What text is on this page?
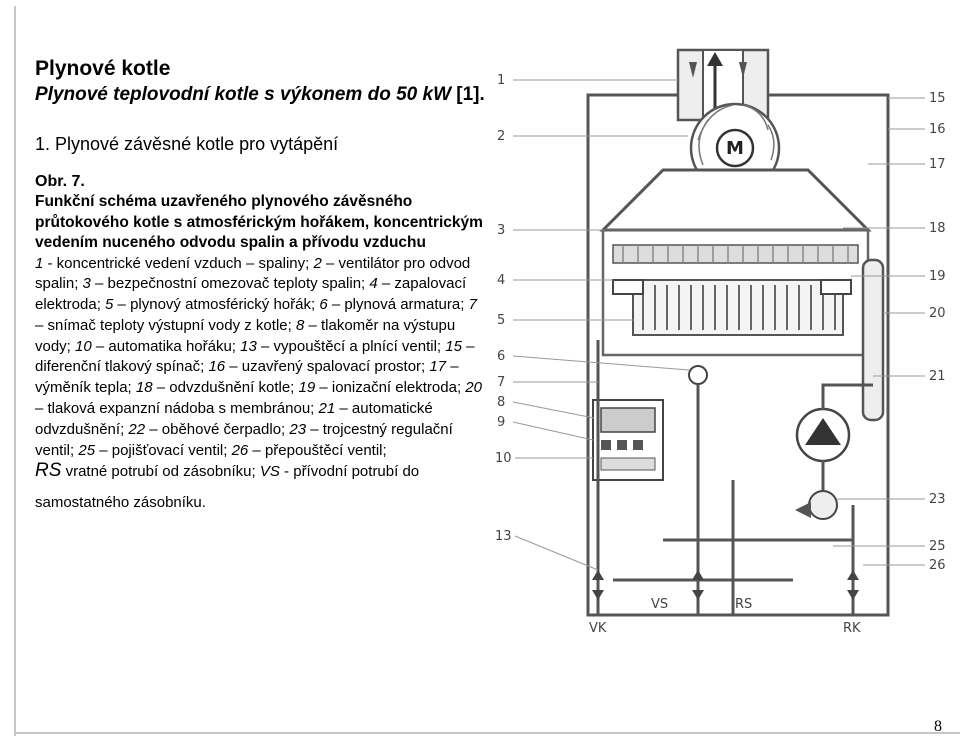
Plynové kotle
Plynové teplovodní kotle s výkonem do 50 kW [1].
1. Plynové závěsné kotle pro vytápění
Obr. 7.
Funkční schéma uzavřeného plynového závěsného průtokového kotle s atmosférickým hořákem, koncentrickým vedením nuceného odvodu spalin a přívodu vzduchu
1 - koncentrické vedení vzduch – spaliny; 2 – ventilátor pro odvod spalin; 3 – bezpečnostní omezovač teploty spalin; 4 – zapalovací elektroda; 5 – plynový atmosférický hořák; 6 – plynová armatura; 7 – snímač teploty výstupní vody z kotle; 8 – tlakoměr na výstupu vody; 10 – automatika hořáku; 13 – vypouštěcí a plnící ventil; 15 – diferenční tlakový spínač; 16 – uzavřený spalovací prostor; 17 – výměník tepla; 18 – odvzdušnění kotle; 19 – ionizační elektroda; 20 – tlaková expanzní nádoba s membránou; 21 – automatické odvzdušnění; 22 – oběhové čerpadlo; 23 – trojcestný regulační ventil; 25 – pojišťovací ventil; 26 – přepouštěcí ventil;
RS vratné potrubí od zásobníku; VS - přívodní potrubí do
samostatného zásobníku.
M
1
2
3
4
5
6
7
8
9
10
13
15
16
17
18
19
20
21
23
25
26
VK
VS	RS
RK
8
